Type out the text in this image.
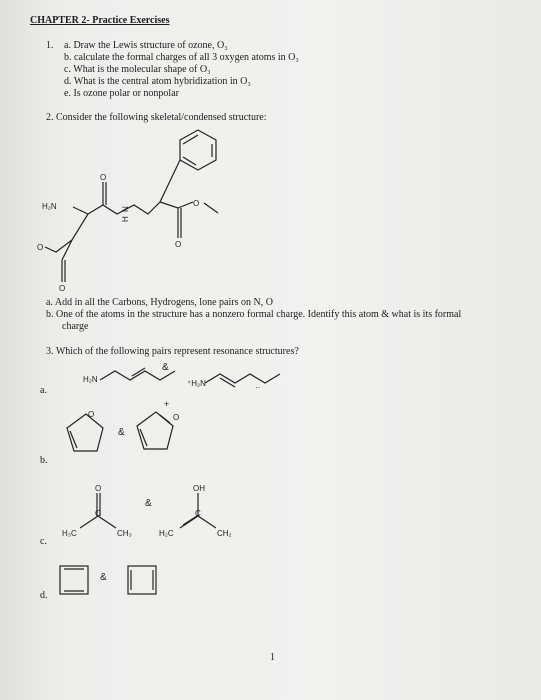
CHAPTER 2- Practice Exercises
1. a. Draw the Lewis structure of ozone, O₃
b. calculate the formal charges of all 3 oxygen atoms in O₃
c. What is the molecular shape of O₃
d. What is the central atom hybridization in O₃
e. Is ozone polar or nonpolar
2. Consider the following skeletal/condensed structure:
H₂N
O
O
O
O
O
N
H
H₂N	⁺H₂N	··
O	O
+
O	OH
C	C
H₃C	CH₃	H₂C	CH₂
&
&
&
&
a. Add in all the Carbons, Hydrogens, lone pairs on N, O
b. One of the atoms in the structure has a nonzero formal charge. Identify this atom & what is its formal
charge
3. Which of the following pairs represent resonance structures?
a.
b.
c.
d.
1
